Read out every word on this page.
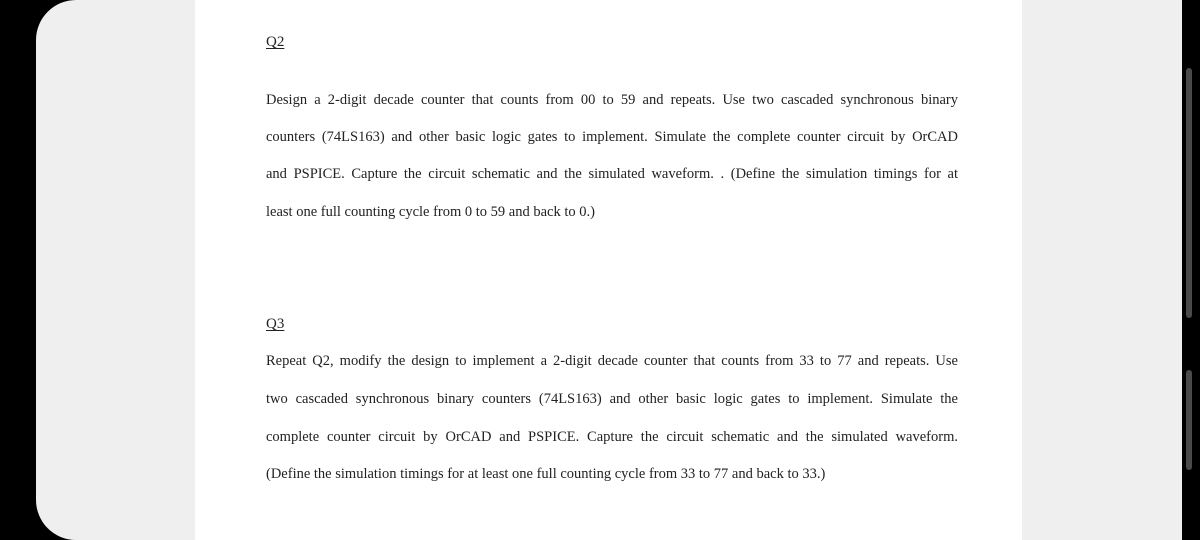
Q2
Design a 2-digit decade counter that counts from 00 to 59 and repeats. Use two cascaded synchronous binary
counters (74LS163) and other basic logic gates to implement. Simulate the complete counter circuit by OrCAD
and PSPICE. Capture the circuit schematic and the simulated waveform. . (Define the simulation timings for at
least one full counting cycle from 0 to 59 and back to 0.)
Q3
Repeat Q2, modify the design to implement a 2-digit decade counter that counts from 33 to 77 and repeats. Use
two cascaded synchronous binary counters (74LS163) and other basic logic gates to implement. Simulate the
complete counter circuit by OrCAD and PSPICE. Capture the circuit schematic and the simulated waveform.
(Define the simulation timings for at least one full counting cycle from 33 to 77 and back to 33.)
